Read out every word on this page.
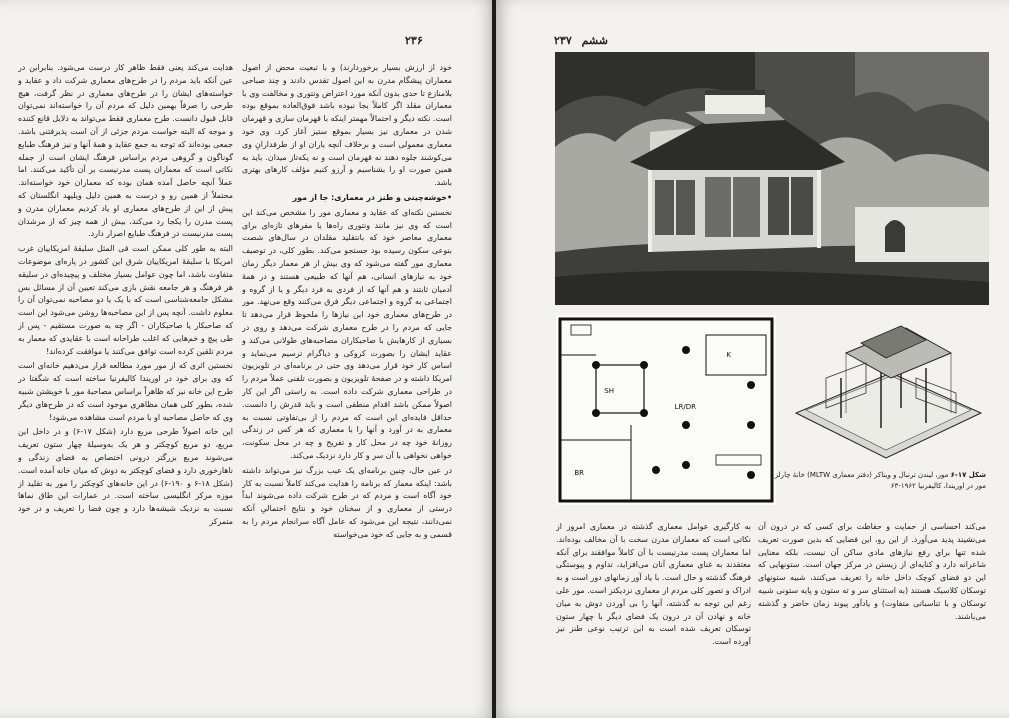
۲۳۶

خود از ارزش بسیار برخوردارند) و با تبعیت محض از اصول معماران پیشگام مدرن به این اصول تقدس دادند و چند صباحی بلامنازع تا حدی بدون آنکه مورد اعتراض ونتوری و مخالفت وی با معماران مقلد اگر کاملاً بجا نبوده باشد فوق‌العاده بموقع بوده است. نکته دیگر و احتمالاً مهمتر اینکه با قهرمان سازی و قهرمان شدن در معماری نیز بسیار بموقع ستیز آغاز کرد. وی خود معماری معمولی است و برخلاف آنچه یاران او از طرفدارانِ وی می‌کوشند جلوه دهند نه قهرمان است و نه یکه‌تاز میدان. باید به همین صورت او را بشناسیم و آرزو کنیم مؤلف کارهای بهتری باشد.

•خوشه‌چینی و طنز در معماری: جا از مور

نخستین نکته‌ای که عقاید و معماری مور را مشخص می‌کند این است که وی نیز مانند ونتوری راه‌ها یا مفرهای تازه‌ای برای معماری معاصر خود که بانتقلید مقلدان در سال‌های شصت بنوعی سکون رسیده بود جستجو می‌کند. بطور کلی، در توصیف معماری مور گفته می‌شود که وی بیش از هر معمار دیگر زمان خود به نیازهای انسانی، هم آنها که طبیعی هستند و در همهٔ آدمیان ثابتند و هم آنها که از فردی به فرد دیگر و یا از گروه و اجتماعی به گروه و اجتماعی دیگر فرق می‌کنند وقع می‌نهد. مور در طرح‌های معماری خود این نیازها را ملحوظ قرار می‌دهد تا جایی که مردم را در طرح معماری شرکت می‌دهد و روی در بسیاری از کارهایش با صاحبکاران مصاحبه‌های طولانی می‌کند و عقاید ایشان را بصورت کروکی و دیاگرام ترسیم می‌نماید و اساس کار خود قرار می‌دهد وی حتی در برنامه‌ای در تلویزیون امریکا داشته و در صفحهٔ تلویزیون و بصورت تلفنی عملاً مردم را در طراحی معماری شرکت داده است. به راستی اگر این کار اصولاً ممکن باشد اقدام منطقی است و باید قدرش را دانست. حداقل فایده‌ای این است که مردم را از بی‌تفاوتی نسبت به معماری به در آورد و آنها را با معماری که هر کس در زندگی روزانهٔ خود چه در محل کار و تفریح و چه در محل سکونت، خواهی نخواهی با آن سر و کار دارد نزدیک می‌کند.

در عین حال، چنین برنامه‌ای یک عیب بزرگ نیز می‌تواند داشته باشد: اینکه معمار که برنامه را هدایت می‌کند کاملاً نسبت به کار خود آگاه است و مردم که در طرح شرکت داده می‌شوند ابداً درستی از معماری و از سخنان خود و نتایج احتمالیِ آنکه نمی‌دانند، نتیجه این می‌شود که عامل آگاه سرانجام مردم را به قسمی و به جایی که خود می‌خواسته

هدایت می‌کند یعنی فقط ظاهر کار درست می‌شود. بنابراین در عین آنکه باید مردم را در طرح‌های معماری شرکت داد و عقاید و خواسته‌های ایشان را در طرح‌های معماری در نظر گرفت، هیچ طرحی را صرفاً بهمین دلیل که مردم آن را خواسته‌اند نمی‌توان قابل قبول دانست. طرح معماری فقط می‌تواند به دلایل قانع کننده و موجه که البته خواست مردم جزئی از آن است پذیرفتنی باشد. جمعی بوده‌اند که توجه به جمع عقاید و همهٔ آنها و نیز فرهنگ طبایع گوناگون و گروهی مردم براساس فرهنگ ایشان است از جمله نکاتی است که معماران پست مدرنیست بر آن تأکید می‌کنند. اما عملاً آنچه حاصل آمده همان بوده که معماران خود خواسته‌اند. محتملاً از همین رو و درست به همین دلیل ویلیهد انگلستان که پیش از این از طرح‌های معماری او یاد کردیم معماران مدرن و پست مدرن را یکجا رد می‌کند، بیش از همه چیز که از مرشدان پست مدرنیست در فرهنگ طبایع اصرار دارد.

البته به طور کلی ممکن است قی المثل سلیقهٔ امریکاییان غرب امریکا با سلیقهٔ امریکاییان شرق این کشور در پاره‌ای موضوعات متفاوت باشد، اما چون عوامل بسیار مختلف و پیچیده‌ای در سلیقه هر فرهنگ و هر جامعه نقش بازی می‌کند تعیین آن از مسائل بس مشکل جامعه‌شناسی است که با یک یا دو مصاحبه نمی‌توان آن را معلوم داشت. آنچه پس از این مصاحبه‌ها روشن می‌شود این است که صاحبکار یا صاحبکاران - اگر چه به صورت مستقیم - پس از طی پیچ و خم‌هایی که اغلب طراحانه است با عقایدی که معمار به مردم تلقین کرده است توافق می‌کنند یا موافقت کرده‌اند!

نخستین اثری که از مور مورد مطالعه قرار می‌دهیم خانه‌ای است که وی برای خود در اوریندا کالیفرنیا ساخته است که شگفتا در طرح این خانه نیز که ظاهراً براساس مصاحبهٔ مور با خویشتن شبیه شده، بطور کلی همان مظاهری موجود است که در طرح‌های دیگر وی که حاصل مصاحبه او با مردم است مشاهده می‌شود!

این خانه اصولاً طرحی مربع دارد (شکل ۱۷-۶) و در داخل این مربع، دو مربع کوچکتر و هر یک به‌وسیلهٔ چهار ستون تعریف می‌شوند مربع بزرگتر درونی اختصاص به فضای زندگی و ناهارخوری دارد و فضای کوچکتر به دوش که میان خانه آمده است. (شکل ۱۸-۶ و ۱۹۰-۶) در این خانه‌های کوچکتر را مور به تقلید از موزه مرکز انگلیسی ساخته است. در عمارات این طاق نماها نسبت به نزدیک شیشه‌ها دارد و چون فضا را تعریف و در خود متمرکز

ششم ۲۳۷
SH
LR/DR
BR
K
شکل ۱۷-۶ مور، لیندن ترنبال و ویتاکر (دفتر معماری MLTW) خانهٔ چارلز مور در اوریندا، کالیفرنیا ۱۹۶۲-۶۳

می‌کند احساسی از حمایت و حفاظت برای کسی که در درون آن می‌نشیند پدید می‌آورد. از این رو، این فضایی که بدین صورت تعریف شده تنها برای رفع نیازهای مادی ساکن آن نیست، بلکه معنایی شاعرانه دارد و کنایه‌ای از زیستن در مرکز جهان است. ستونهایی که این دو فضای کوچک داخل خانه را تعریف می‌کنند، شبیه ستونهای توسکان کلاسیک هستند (به استثنای سر و ته ستون و پایه ستونی شبیه توسکان و با تناسباتی متفاوت) و یادآور پیوند زمان حاضر و گذشته می‌باشند.

به کارگیری عوامل معماری گذشته در معماری امروز از نکاتی است که معماران مدرن سخت با آن مخالف بوده‌اند. اما معماران پست مدرنیست با آن کاملاً موافقند برای آنکه معتقدند به غنای معماری آنان می‌افزاید، تداوم و پیوستگی فرهنگ گذشته و حال است. با یاد آور زمانهای دور است و به ادراک و تصور کلی مردم از معماری نزدیکتر است. مور علی رغم این توجه به گذشته، آنها را بی آوردن دوش به میان خانه و نهادن آن در درون یک فضای دیگر با چهار ستون توسکان تعریف شده است به این ترتیب نوعی طنز نیز آورده است.
